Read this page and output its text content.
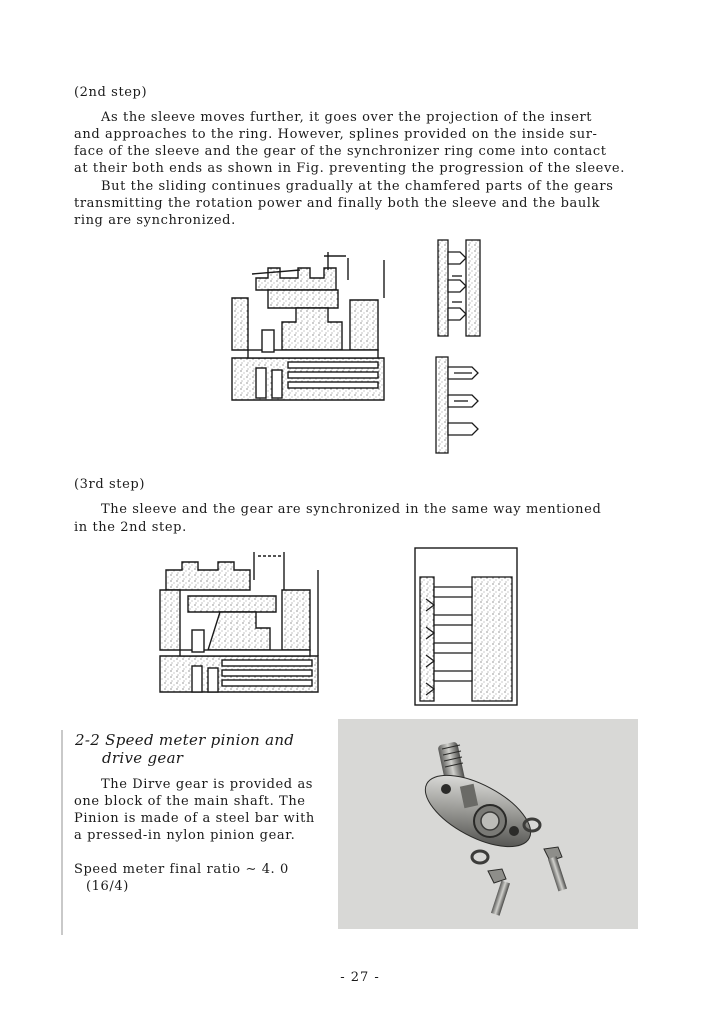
(2nd step)
As the sleeve moves further, it goes over the projection of the insert
and approaches to the ring. However, splines provided on the inside sur-
face of the sleeve and the gear of the synchronizer ring come into contact
at their both ends as shown in Fig. preventing the progression of the sleeve.
But the sliding continues gradually at the chamfered parts of the gears
transmitting the rotation power and finally both the sleeve and the baulk
ring are synchronized.
(3rd step)
The sleeve and the gear are synchronized in the same way mentioned
in the 2nd step.
2-2 Speed meter pinion and
drive gear
The Dirve gear is provided as
one block of the main shaft. The
Pinion is made of a steel bar with
a pressed-in nylon pinion gear.
Speed meter final ratio ∼ 4. 0
(16/4)
- 27 -
